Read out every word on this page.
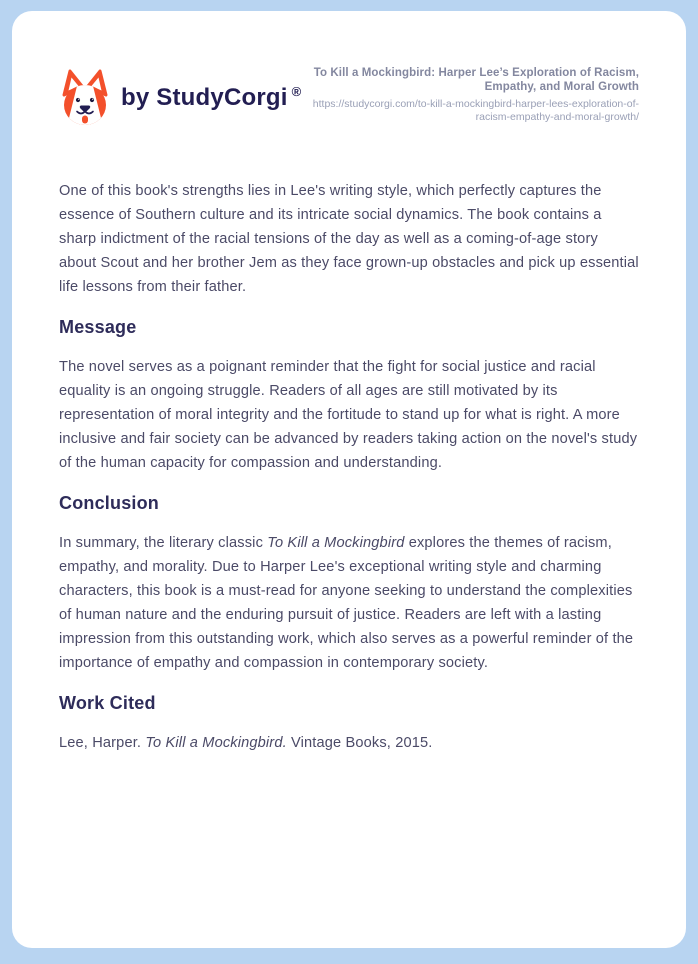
by StudyCorgi ®
To Kill a Mockingbird: Harper Lee’s Exploration of Racism, Empathy, and Moral Growth
https://studycorgi.com/to-kill-a-mockingbird-harper-lees-exploration-of-racism-empathy-and-moral-growth/

One of this book's strengths lies in Lee's writing style, which perfectly captures the essence of Southern culture and its intricate social dynamics. The book contains a sharp indictment of the racial tensions of the day as well as a coming-of-age story about Scout and her brother Jem as they face grown-up obstacles and pick up essential life lessons from their father.

Message

The novel serves as a poignant reminder that the fight for social justice and racial equality is an ongoing struggle. Readers of all ages are still motivated by its representation of moral integrity and the fortitude to stand up for what is right. A more inclusive and fair society can be advanced by readers taking action on the novel's study of the human capacity for compassion and understanding.

Conclusion

In summary, the literary classic To Kill a Mockingbird explores the themes of racism, empathy, and morality. Due to Harper Lee's exceptional writing style and charming characters, this book is a must-read for anyone seeking to understand the complexities of human nature and the enduring pursuit of justice. Readers are left with a lasting impression from this outstanding work, which also serves as a powerful reminder of the importance of empathy and compassion in contemporary society.

Work Cited

Lee, Harper. To Kill a Mockingbird. Vintage Books, 2015.
